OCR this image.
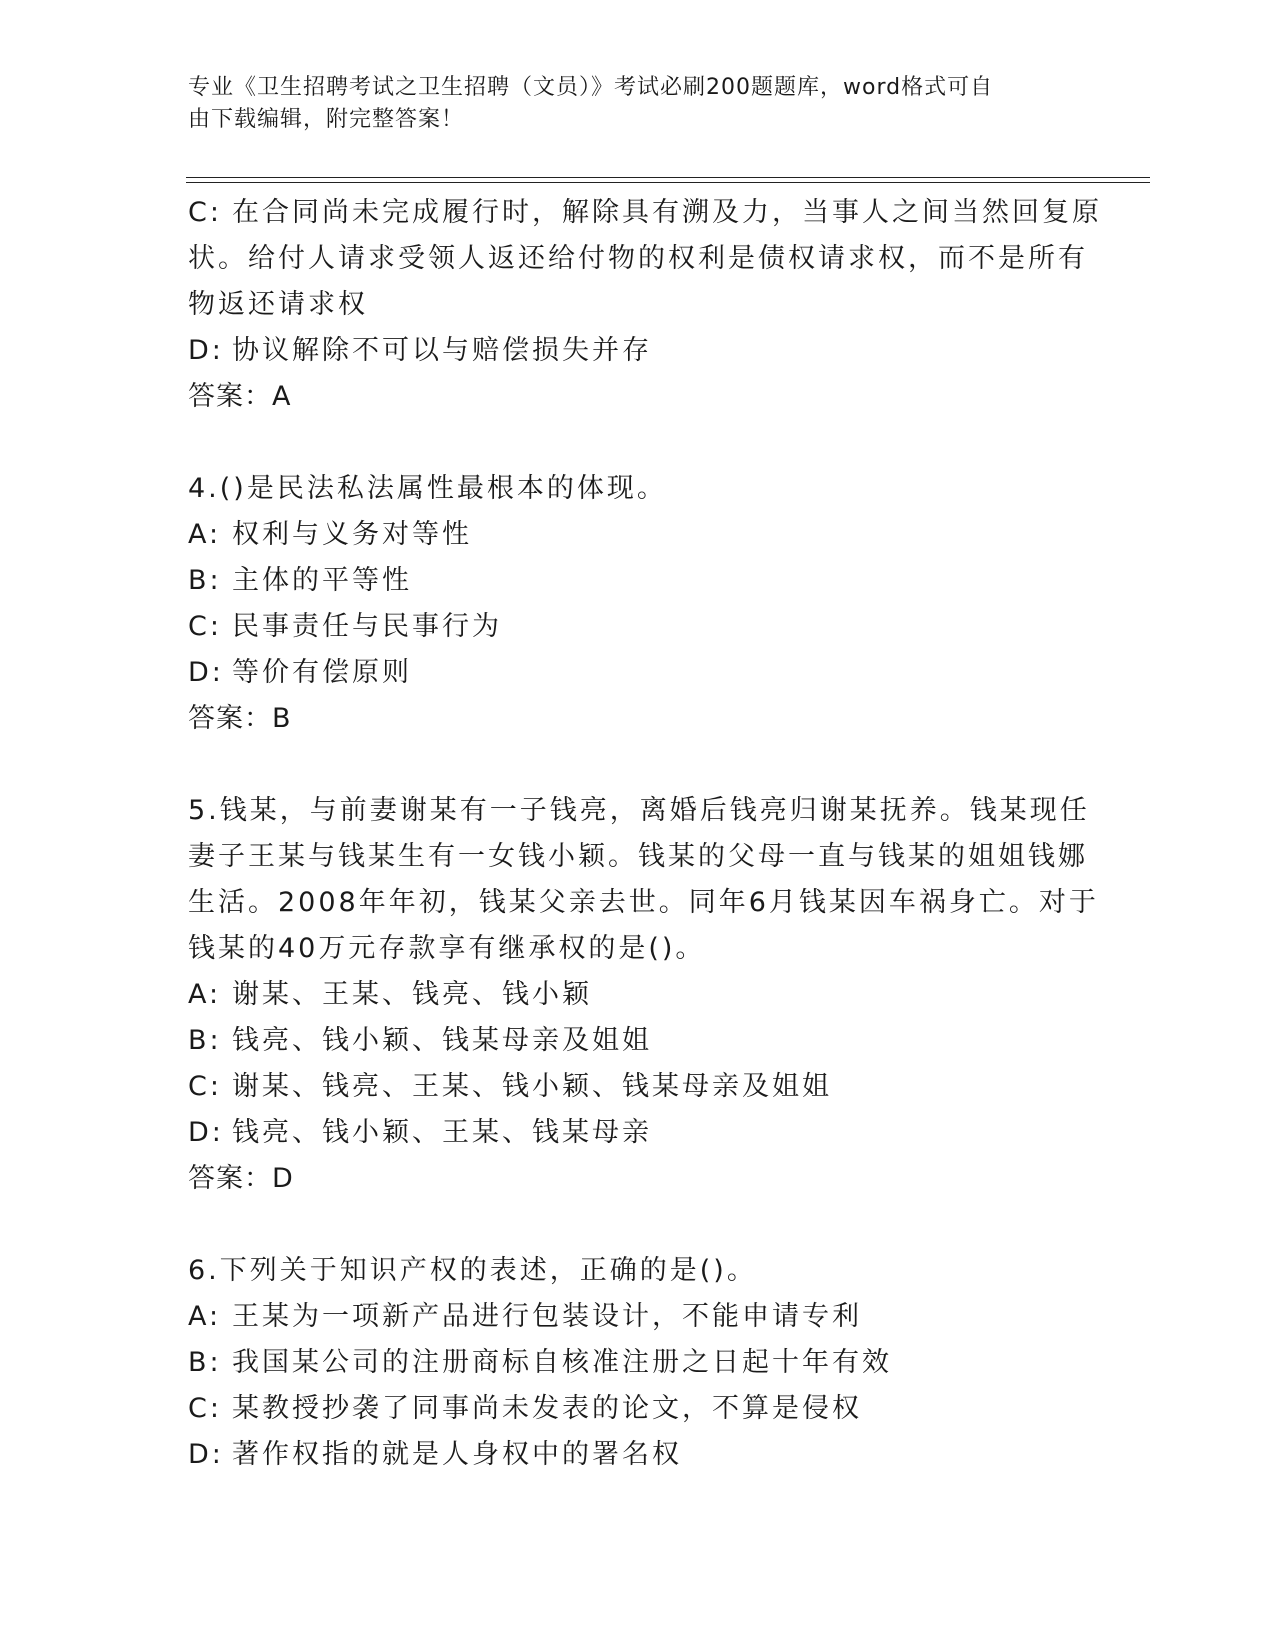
专业《卫生招聘考试之卫生招聘（文员）》考试必刷200题题库，word格式可自
由下载编辑，附完整答案！
C: 在合同尚未完成履行时，解除具有溯及力，当事人之间当然回复原
状。给付人请求受领人返还给付物的权利是债权请求权，而不是所有
物返还请求权
D: 协议解除不可以与赔偿损失并存
答案：A
4.()是民法私法属性最根本的体现。
A: 权利与义务对等性
B: 主体的平等性
C: 民事责任与民事行为
D: 等价有偿原则
答案：B
5.钱某，与前妻谢某有一子钱亮，离婚后钱亮归谢某抚养。钱某现任
妻子王某与钱某生有一女钱小颖。钱某的父母一直与钱某的姐姐钱娜
生活。2008年年初，钱某父亲去世。同年6月钱某因车祸身亡。对于
钱某的40万元存款享有继承权的是()。
A: 谢某、王某、钱亮、钱小颖
B: 钱亮、钱小颖、钱某母亲及姐姐
C: 谢某、钱亮、王某、钱小颖、钱某母亲及姐姐
D: 钱亮、钱小颖、王某、钱某母亲
答案：D
6.下列关于知识产权的表述，正确的是()。
A: 王某为一项新产品进行包装设计，不能申请专利
B: 我国某公司的注册商标自核准注册之日起十年有效
C: 某教授抄袭了同事尚未发表的论文，不算是侵权
D: 著作权指的就是人身权中的署名权
